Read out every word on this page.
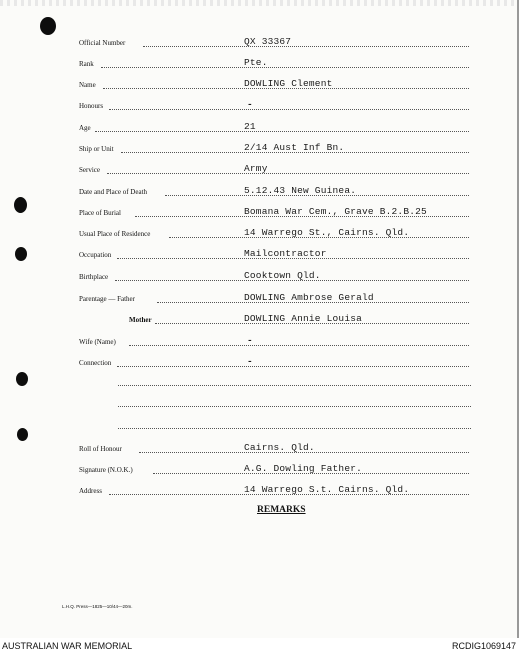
Official Number	QX 33367
Rank	Pte.
Name	DOWLING Clement
Honours	-
Age	21
Ship or Unit	2/14 Aust Inf Bn.
Service	Army
Date and Place of Death	5.12.43 New Guinea.
Place of Burial	Bomana War Cem., Grave B.2.B.25
Usual Place of Residence	14 Warrego St., Cairns. Qld.
Occupation	Mailcontractor
Birthplace	Cooktown Qld.
Parentage — Father	DOWLING Ambrose Gerald
Mother	DOWLING Annie Louisa
Wife (Name)	-
Connection	-
Roll of Honour	Cairns. Qld.
Signature (N.O.K.)	A.G. Dowling Father.
Address	14 Warrego S.t. Cairns. Qld.
REMARKS
L.H.Q. Press—1825—10/44—20m.
AUSTRALIAN WAR MEMORIAL	RCDIG1069147
